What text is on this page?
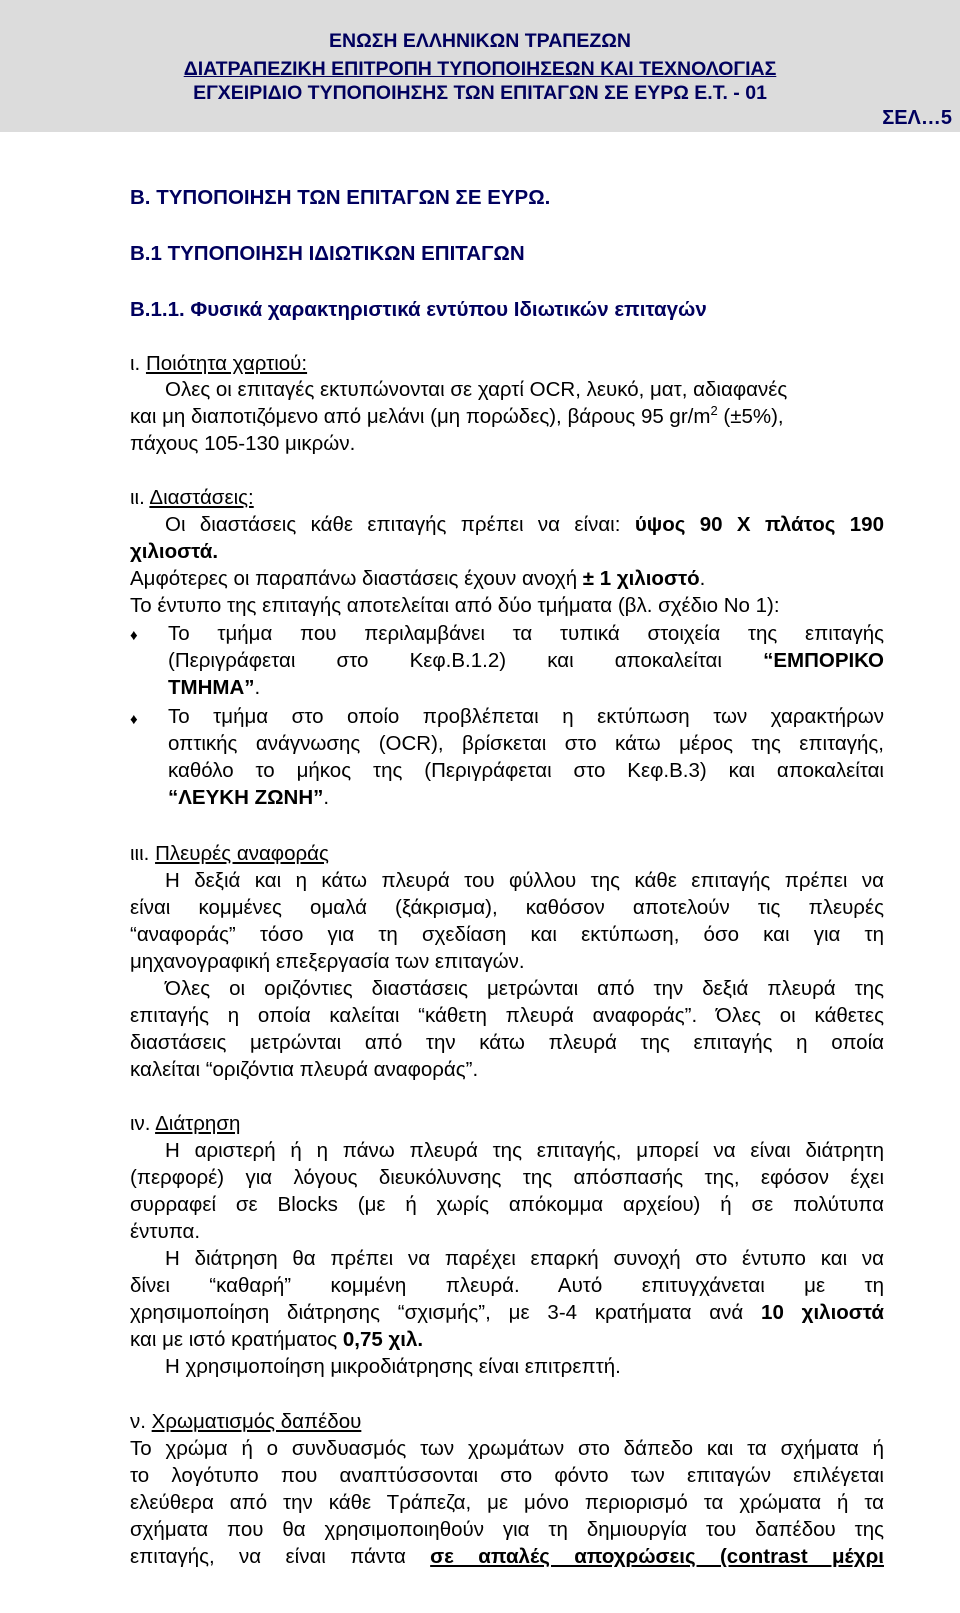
ΕΝΩΣΗ ΕΛΛΗΝΙΚΩΝ ΤΡΑΠΕΖΩΝ
ΔΙΑΤΡΑΠΕΖΙΚΗ ΕΠΙΤΡΟΠΗ ΤΥΠΟΠΟΙΗΣΕΩΝ ΚΑΙ ΤΕΧΝΟΛΟΓΙΑΣ
ΕΓΧΕΙΡΙΔΙΟ ΤΥΠΟΠΟΙΗΣΗΣ ΤΩΝ ΕΠΙΤΑΓΩΝ ΣΕ ΕΥΡΩ Ε.Τ. - 01
ΣΕΛ…5
Β. ΤΥΠΟΠΟΙΗΣΗ ΤΩΝ ΕΠΙΤΑΓΩΝ ΣΕ ΕΥΡΩ.
Β.1 ΤΥΠΟΠΟΙΗΣΗ ΙΔΙΩΤΙΚΩΝ ΕΠΙΤΑΓΩΝ
Β.1.1. Φυσικά χαρακτηριστικά εντύπου Ιδιωτικών επιταγών
ι. Ποιότητα χαρτιού:
Ολες οι επιταγές εκτυπώνονται σε χαρτί OCR, λευκό, ματ, αδιαφανές
και μη διαποτιζόμενο από μελάνι (μη πορώδες), βάρους 95 $gr/m^2$ (±5%),
πάχους 105-130 μικρών.
ιι. Διαστάσεις:
Οι διαστάσεις κάθε επιταγής πρέπει να είναι: ύψος 90 Χ πλάτος 190
χιλιοστά.
Αμφότερες οι παραπάνω διαστάσεις έχουν ανοχή ± 1 χιλιοστό.
Το έντυπο της επιταγής αποτελείται από δύο τμήματα (βλ. σχέδιο Νο 1):
♦ Το τμήμα που περιλαμβάνει τα τυπικά στοιχεία της επιταγής
(Περιγράφεται στο Κεφ.Β.1.2) και αποκαλείται “ΕΜΠΟΡΙΚΟ
ΤΜΗΜΑ”.
♦ Το τμήμα στο οποίο προβλέπεται η εκτύπωση των χαρακτήρων
οπτικής ανάγνωσης (OCR), βρίσκεται στο κάτω μέρος της επιταγής,
καθόλο το μήκος της (Περιγράφεται στο Κεφ.Β.3) και αποκαλείται
“ΛΕΥΚΗ ΖΩΝΗ”.
ιιι. Πλευρές αναφοράς
Η δεξιά και η κάτω πλευρά του φύλλου της κάθε επιταγής πρέπει να
είναι κομμένες ομαλά (ξάκρισμα), καθόσον αποτελούν τις πλευρές
“αναφοράς” τόσο για τη σχεδίαση και εκτύπωση, όσο και για τη
μηχανογραφική επεξεργασία των επιταγών.
Όλες οι οριζόντιες διαστάσεις μετρώνται από την δεξιά πλευρά της
επιταγής η οποία καλείται “κάθετη πλευρά αναφοράς”. Όλες οι κάθετες
διαστάσεις μετρώνται από την κάτω πλευρά της επιταγής η οποία
καλείται “οριζόντια πλευρά αναφοράς”.
ιν. Διάτρηση
Η αριστερή ή η πάνω πλευρά της επιταγής, μπορεί να είναι διάτρητη
(περφορέ) για λόγους διευκόλυνσης της απόσπασής της, εφόσον έχει
συρραφεί σε Blocks (με ή χωρίς απόκομμα αρχείου) ή σε πολύτυπα
έντυπα.
Η διάτρηση θα πρέπει να παρέχει επαρκή συνοχή στο έντυπο και να
δίνει “καθαρή” κομμένη πλευρά. Αυτό επιτυγχάνεται με τη
χρησιμοποίηση διάτρησης “σχισμής”, με 3-4 κρατήματα ανά 10 χιλιοστά
και με ιστό κρατήματος 0,75 χιλ.
Η χρησιμοποίηση μικροδιάτρησης είναι επιτρεπτή.
ν. Χρωματισμός δαπέδου
Το χρώμα ή ο συνδυασμός των χρωμάτων στο δάπεδο και τα σχήματα ή
το λογότυπο που αναπτύσσονται στο φόντο των επιταγών επιλέγεται
ελεύθερα από την κάθε Τράπεζα, με μόνο περιορισμό τα χρώματα ή τα
σχήματα που θα χρησιμοποιηθούν για τη δημιουργία του δαπέδου της
επιταγής, να είναι πάντα σε απαλές αποχρώσεις (contrast μέχρι
